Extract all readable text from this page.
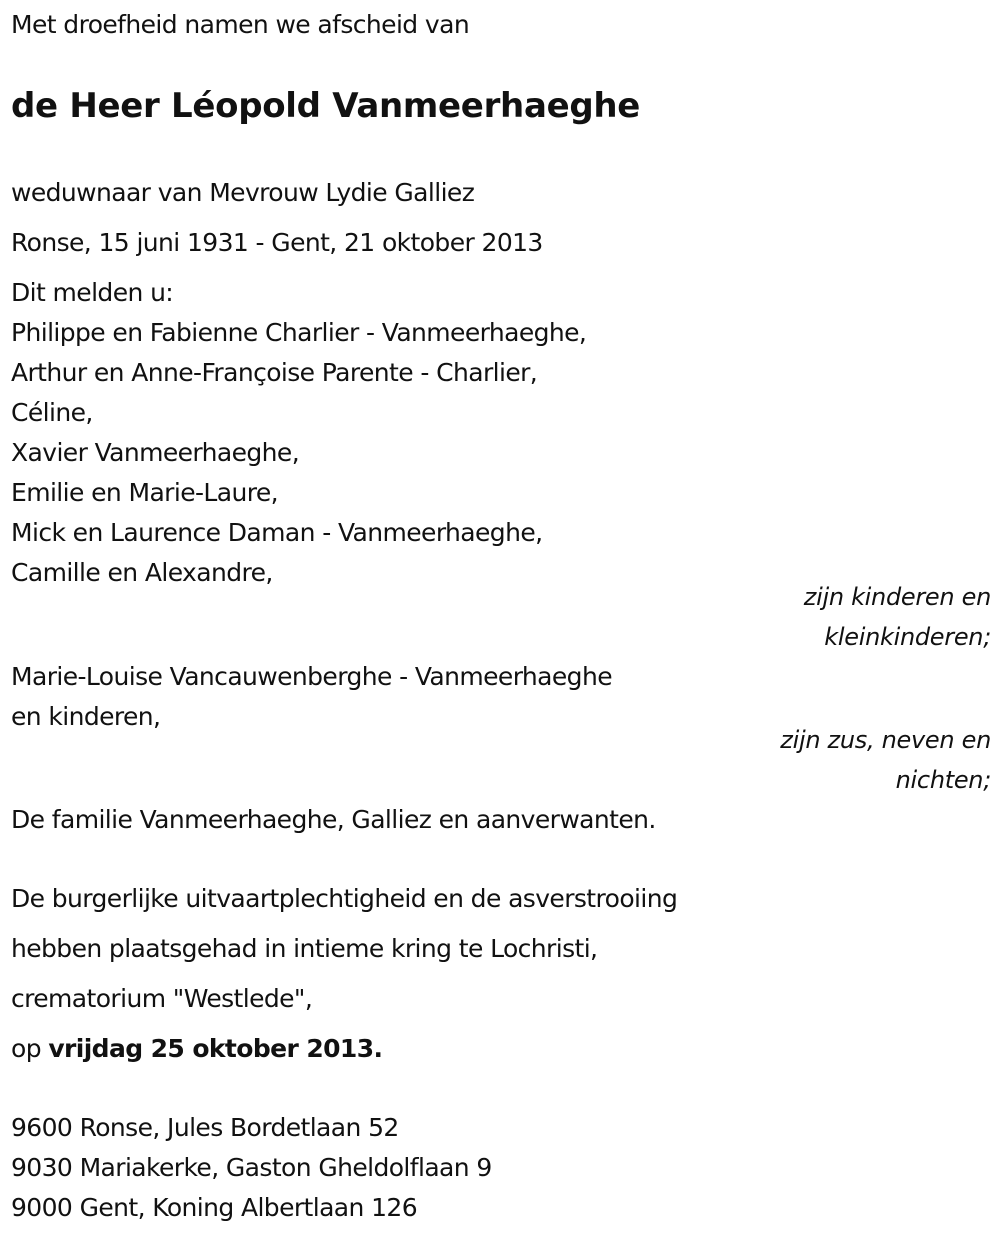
Met droefheid namen we afscheid van
de Heer Léopold Vanmeerhaeghe
weduwnaar van Mevrouw Lydie Galliez
Ronse, 15 juni 1931 - Gent, 21 oktober 2013
Dit melden u:
Philippe en Fabienne Charlier - Vanmeerhaeghe,
Arthur en Anne-Françoise Parente - Charlier,
Céline,
Xavier Vanmeerhaeghe,
Emilie en Marie-Laure,
Mick en Laurence Daman - Vanmeerhaeghe,
Camille en Alexandre,
zijn kinderen en
kleinkinderen;
Marie-Louise Vancauwenberghe - Vanmeerhaeghe
en kinderen,
zijn zus, neven en
nichten;
De familie Vanmeerhaeghe, Galliez en aanverwanten.
De burgerlijke uitvaartplechtigheid en de asverstrooiing
hebben plaatsgehad in intieme kring te Lochristi,
crematorium "Westlede",
op vrijdag 25 oktober 2013.
9600 Ronse, Jules Bordetlaan 52
9030 Mariakerke, Gaston Gheldolflaan 9
9000 Gent, Koning Albertlaan 126
